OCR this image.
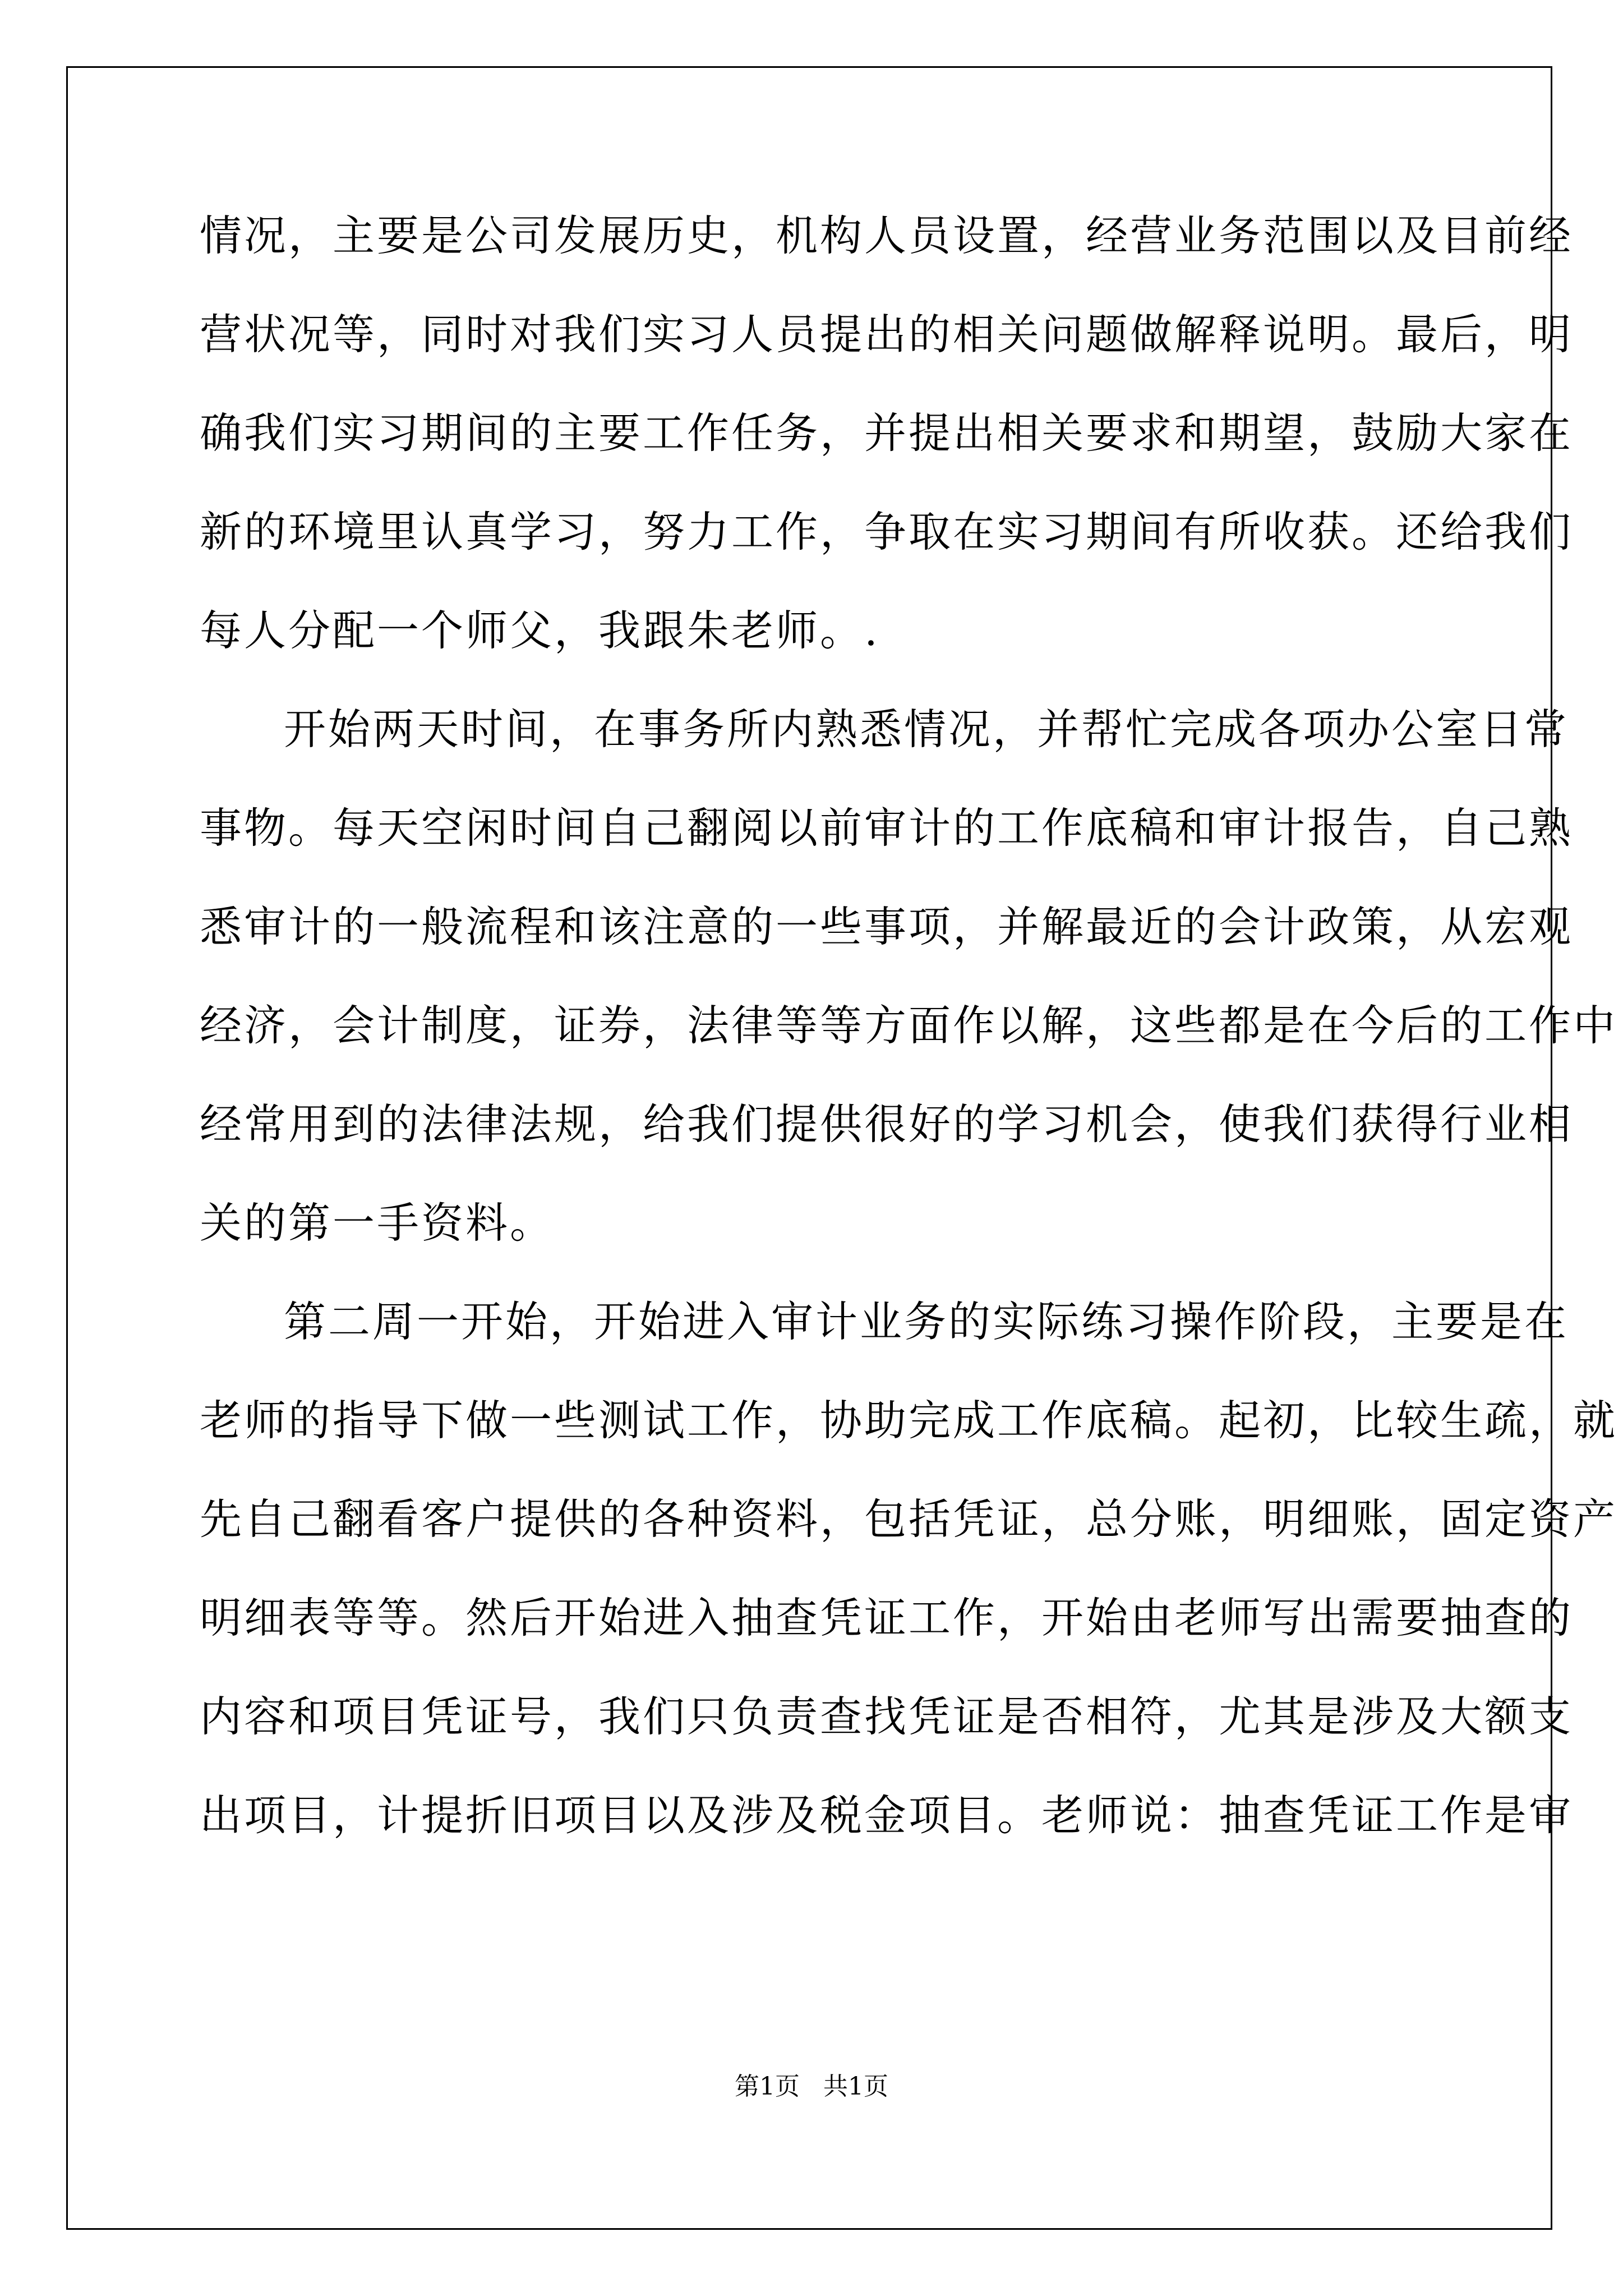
情况，主要是公司发展历史，机构人员设置，经营业务范围以及目前经
营状况等，同时对我们实习人员提出的相关问题做解释说明。最后，明
确我们实习期间的主要工作任务，并提出相关要求和期望，鼓励大家在
新的环境里认真学习，努力工作，争取在实习期间有所收获。还给我们
每人分配一个师父，我跟朱老师。.
开始两天时间，在事务所内熟悉情况，并帮忙完成各项办公室日常
事物。每天空闲时间自己翻阅以前审计的工作底稿和审计报告，自己熟
悉审计的一般流程和该注意的一些事项，并解最近的会计政策，从宏观
经济，会计制度，证券，法律等等方面作以解，这些都是在今后的工作中
经常用到的法律法规，给我们提供很好的学习机会，使我们获得行业相
关的第一手资料。
第二周一开始，开始进入审计业务的实际练习操作阶段，主要是在
老师的指导下做一些测试工作，协助完成工作底稿。起初，比较生疏，就
先自己翻看客户提供的各种资料，包括凭证，总分账，明细账，固定资产
明细表等等。然后开始进入抽查凭证工作，开始由老师写出需要抽查的
内容和项目凭证号，我们只负责查找凭证是否相符，尤其是涉及大额支
出项目，计提折旧项目以及涉及税金项目。老师说：抽查凭证工作是审
第1页   共1页
